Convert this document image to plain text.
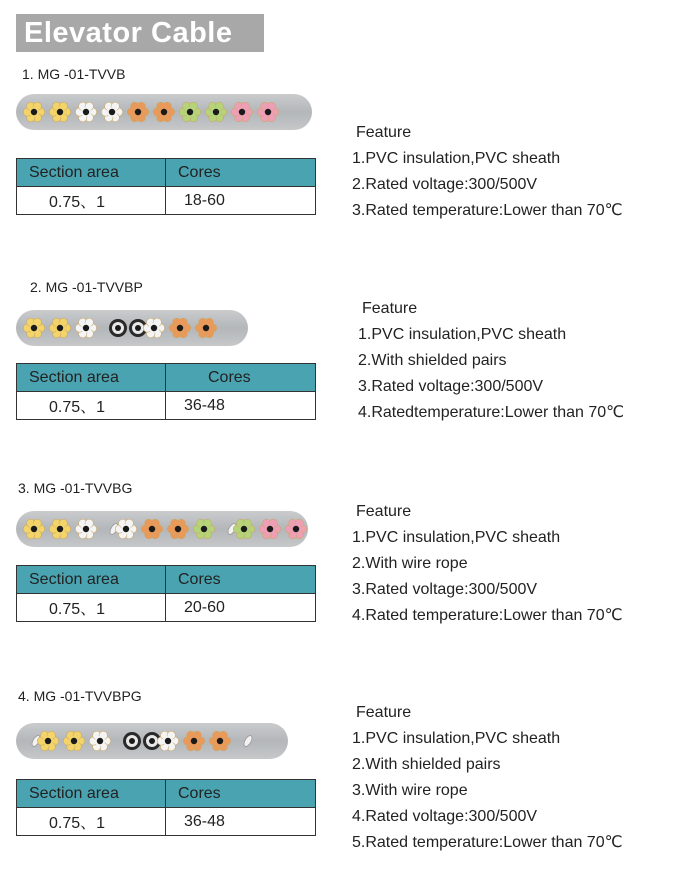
Elevator Cable

1. MG -01-TVVB
Section area	Cores
0.75、1	18-60
Feature
1.PVC insulation,PVC sheath
2.Rated voltage:300/500V
3.Rated temperature:Lower than 70℃
2. MG -01-TVVBP
Section area	Cores
0.75、1	36-48
Feature
1.PVC insulation,PVC sheath
2.With shielded pairs
3.Rated voltage:300/500V
4.Ratedtemperature:Lower than 70℃
3. MG -01-TVVBG
Section area	Cores
0.75、1	20-60
Feature
1.PVC insulation,PVC sheath
2.With wire rope
3.Rated voltage:300/500V
4.Rated temperature:Lower than 70℃
4. MG -01-TVVBPG
Section area	Cores
0.75、1	36-48
Feature
1.PVC insulation,PVC sheath
2.With shielded pairs
3.With wire rope
4.Rated voltage:300/500V
5.Rated temperature:Lower than 70℃
